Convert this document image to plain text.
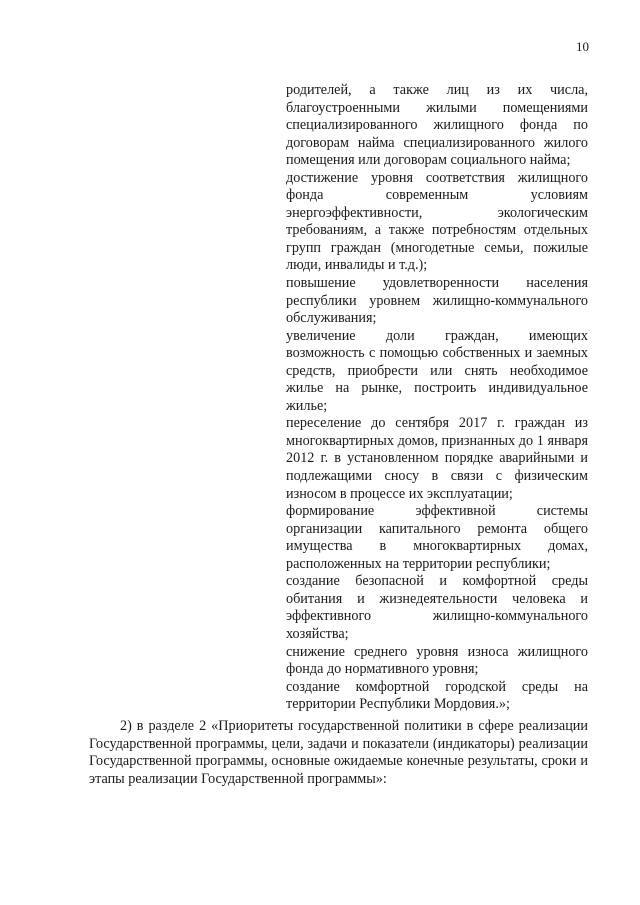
10

родителей, а также лиц из их числа, благоустроенными жилыми помещениями специализированного жилищного фонда по договорам найма специализированного жилого помещения или договорам социального найма;

достижение уровня соответствия жилищного фонда современным условиям энергоэффективности, экологическим требованиям, а также потребностям отдельных групп граждан (многодетные семьи, пожилые люди, инвалиды и т.д.);

повышение удовлетворенности населения республики уровнем жилищно-коммунального обслуживания;

увеличение доли граждан, имеющих возможность с помощью собственных и заемных средств, приобрести или снять необходимое жилье на рынке, построить индивидуальное жилье;

переселение до сентября 2017 г. граждан из многоквартирных домов, признанных до 1 января 2012 г. в установленном порядке аварийными и подлежащими сносу в связи с физическим износом в процессе их эксплуатации;

формирование эффективной системы организации капитального ремонта общего имущества в многоквартирных домах, расположенных на территории республики;

создание безопасной и комфортной среды обитания и жизнедеятельности человека и эффективного жилищно-коммунального хозяйства;

снижение среднего уровня износа жилищного фонда до нормативного уровня;

создание комфортной городской среды на территории Республики Мордовия.»;

2) в разделе 2 «Приоритеты государственной политики в сфере реализации Государственной программы, цели, задачи и показатели (индикаторы) реализации Государственной программы, основные ожидаемые конечные результаты, сроки и этапы реализации Государственной программы»:
